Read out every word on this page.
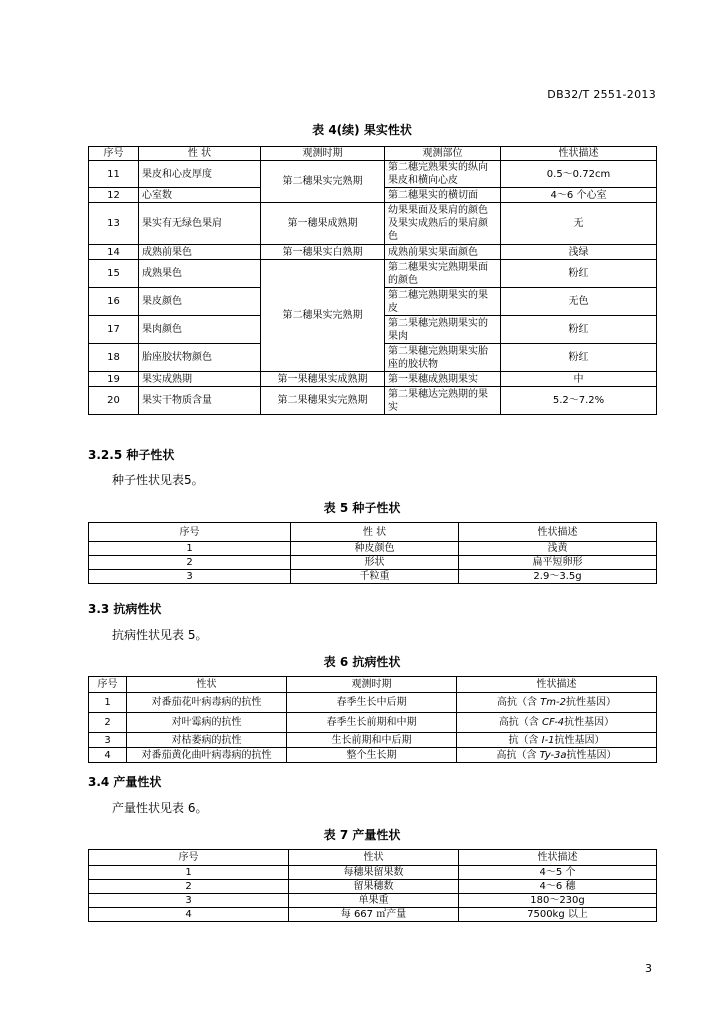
DB32/T 2551-2013
表 4(续) 果实性状
序号	性 状	观测时期	观测部位	性状描述
11	果皮和心皮厚度	第二穗果实完熟期	第二穗完熟果实的纵向果皮和横向心皮	0.5～0.72cm
12	心室数		第二穗果实的横切面	4～6 个心室
13	果实有无绿色果肩	第一穗果成熟期	幼果果面及果肩的颜色及果实成熟后的果肩颜色	无
14	成熟前果色	第一穗果实白熟期	成熟前果实果面颜色	浅绿
15	成熟果色	第二穗果实完熟期	第二穗果实完熟期果面的颜色	粉红
16	果皮颜色		第二穗完熟期果实的果皮	无色
17	果肉颜色		第二果穗完熟期果实的果肉	粉红
18	胎座胶状物颜色		第二果穗完熟期果实胎座的胶状物	粉红
19	果实成熟期	第一果穗果实成熟期	第一果穗成熟期果实	中
20	果实干物质含量	第二果穗果实完熟期	第二果穗达完熟期的果实	5.2～7.2%
3.2.5 种子性状
种子性状见表5。
表 5 种子性状
序号	性 状	性状描述
1	种皮颜色	浅黄
2	形状	扁平短卵形
3	千粒重	2.9～3.5g
3.3 抗病性状
抗病性状见表 5。
表 6 抗病性状
序号	性状	观测时期	性状描述
1	对番茄花叶病毒病的抗性	春季生长中后期	高抗（含 Tm-2抗性基因）
2	对叶霉病的抗性	春季生长前期和中期	高抗（含 CF-4抗性基因）
3	对枯萎病的抗性	生长前期和中后期	抗（含 I-1抗性基因）
4	对番茄黄化曲叶病毒病的抗性	整个生长期	高抗（含 Ty-3a抗性基因）
3.4 产量性状
产量性状见表 6。
表 7 产量性状
序号	性状	性状描述
1	每穗果留果数	4～5 个
2	留果穗数	4～6 穗
3	单果重	180～230g
4	每 667 ㎡产量	7500kg 以上
3
